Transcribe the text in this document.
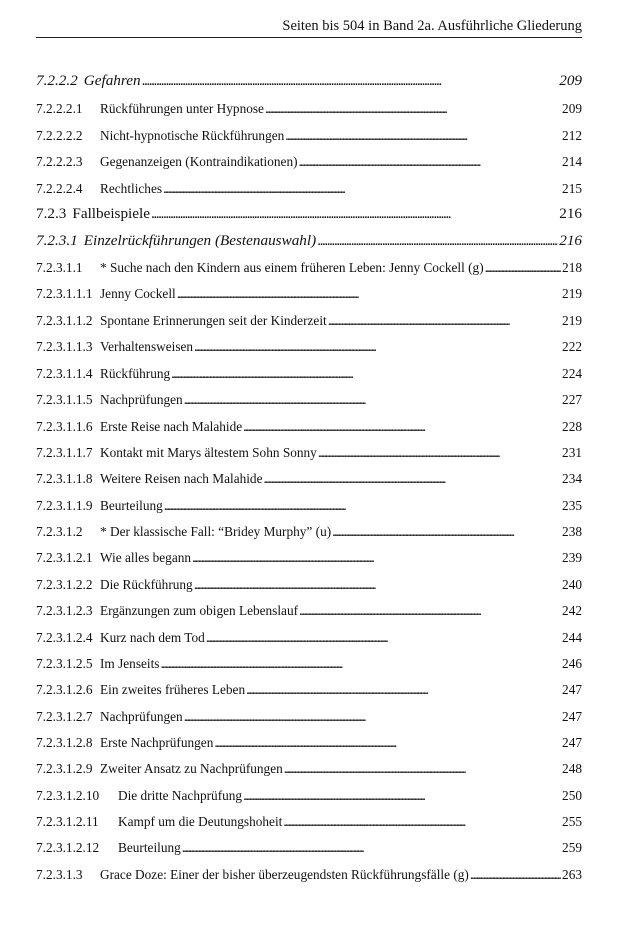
Seiten bis 504 in Band 2a. Ausführliche Gliederung
7.2.2.2 Gefahren . . .	209
7.2.2.2.1	Rückführungen unter Hypnose . . .	209
7.2.2.2.2	Nicht-hypnotische Rückführungen . . .	212
7.2.2.2.3	Gegenanzeigen (Kontraindikationen) . . .	214
7.2.2.2.4	Rechtliches . . .	215
7.2.3 Fallbeispiele . . .	216
7.2.3.1 Einzelrückführungen (Bestenauswahl) . . .	216
7.2.3.1.1	* Suche nach den Kindern aus einem früheren Leben: Jenny Cockell (g) . . .	218
7.2.3.1.1.1 Jenny Cockell . . .	219
7.2.3.1.1.2 Spontane Erinnerungen seit der Kinderzeit . . .	219
7.2.3.1.1.3 Verhaltensweisen . . .	222
7.2.3.1.1.4 Rückführung . . .	224
7.2.3.1.1.5 Nachprüfungen . . .	227
7.2.3.1.1.6 Erste Reise nach Malahide . . .	228
7.2.3.1.1.7 Kontakt mit Marys ältestem Sohn Sonny . . .	231
7.2.3.1.1.8 Weitere Reisen nach Malahide . . .	234
7.2.3.1.1.9 Beurteilung . . .	235
7.2.3.1.2	* Der klassische Fall: “Bridey Murphy” (u) . . .	238
7.2.3.1.2.1 Wie alles begann . . .	239
7.2.3.1.2.2 Die Rückführung . . .	240
7.2.3.1.2.3 Ergänzungen zum obigen Lebenslauf . . .	242
7.2.3.1.2.4 Kurz nach dem Tod . . .	244
7.2.3.1.2.5 Im Jenseits . . .	246
7.2.3.1.2.6 Ein zweites früheres Leben . . .	247
7.2.3.1.2.7 Nachprüfungen . . .	247
7.2.3.1.2.8 Erste Nachprüfungen . . .	247
7.2.3.1.2.9 Zweiter Ansatz zu Nachprüfungen . . .	248
7.2.3.1.2.10	Die dritte Nachprüfung . . .	250
7.2.3.1.2.11	Kampf um die Deutungshoheit . . .	255
7.2.3.1.2.12	Beurteilung . . .	259
7.2.3.1.3	Grace Doze: Einer der bisher überzeugendsten Rückführungsfälle (g) . . .	263
